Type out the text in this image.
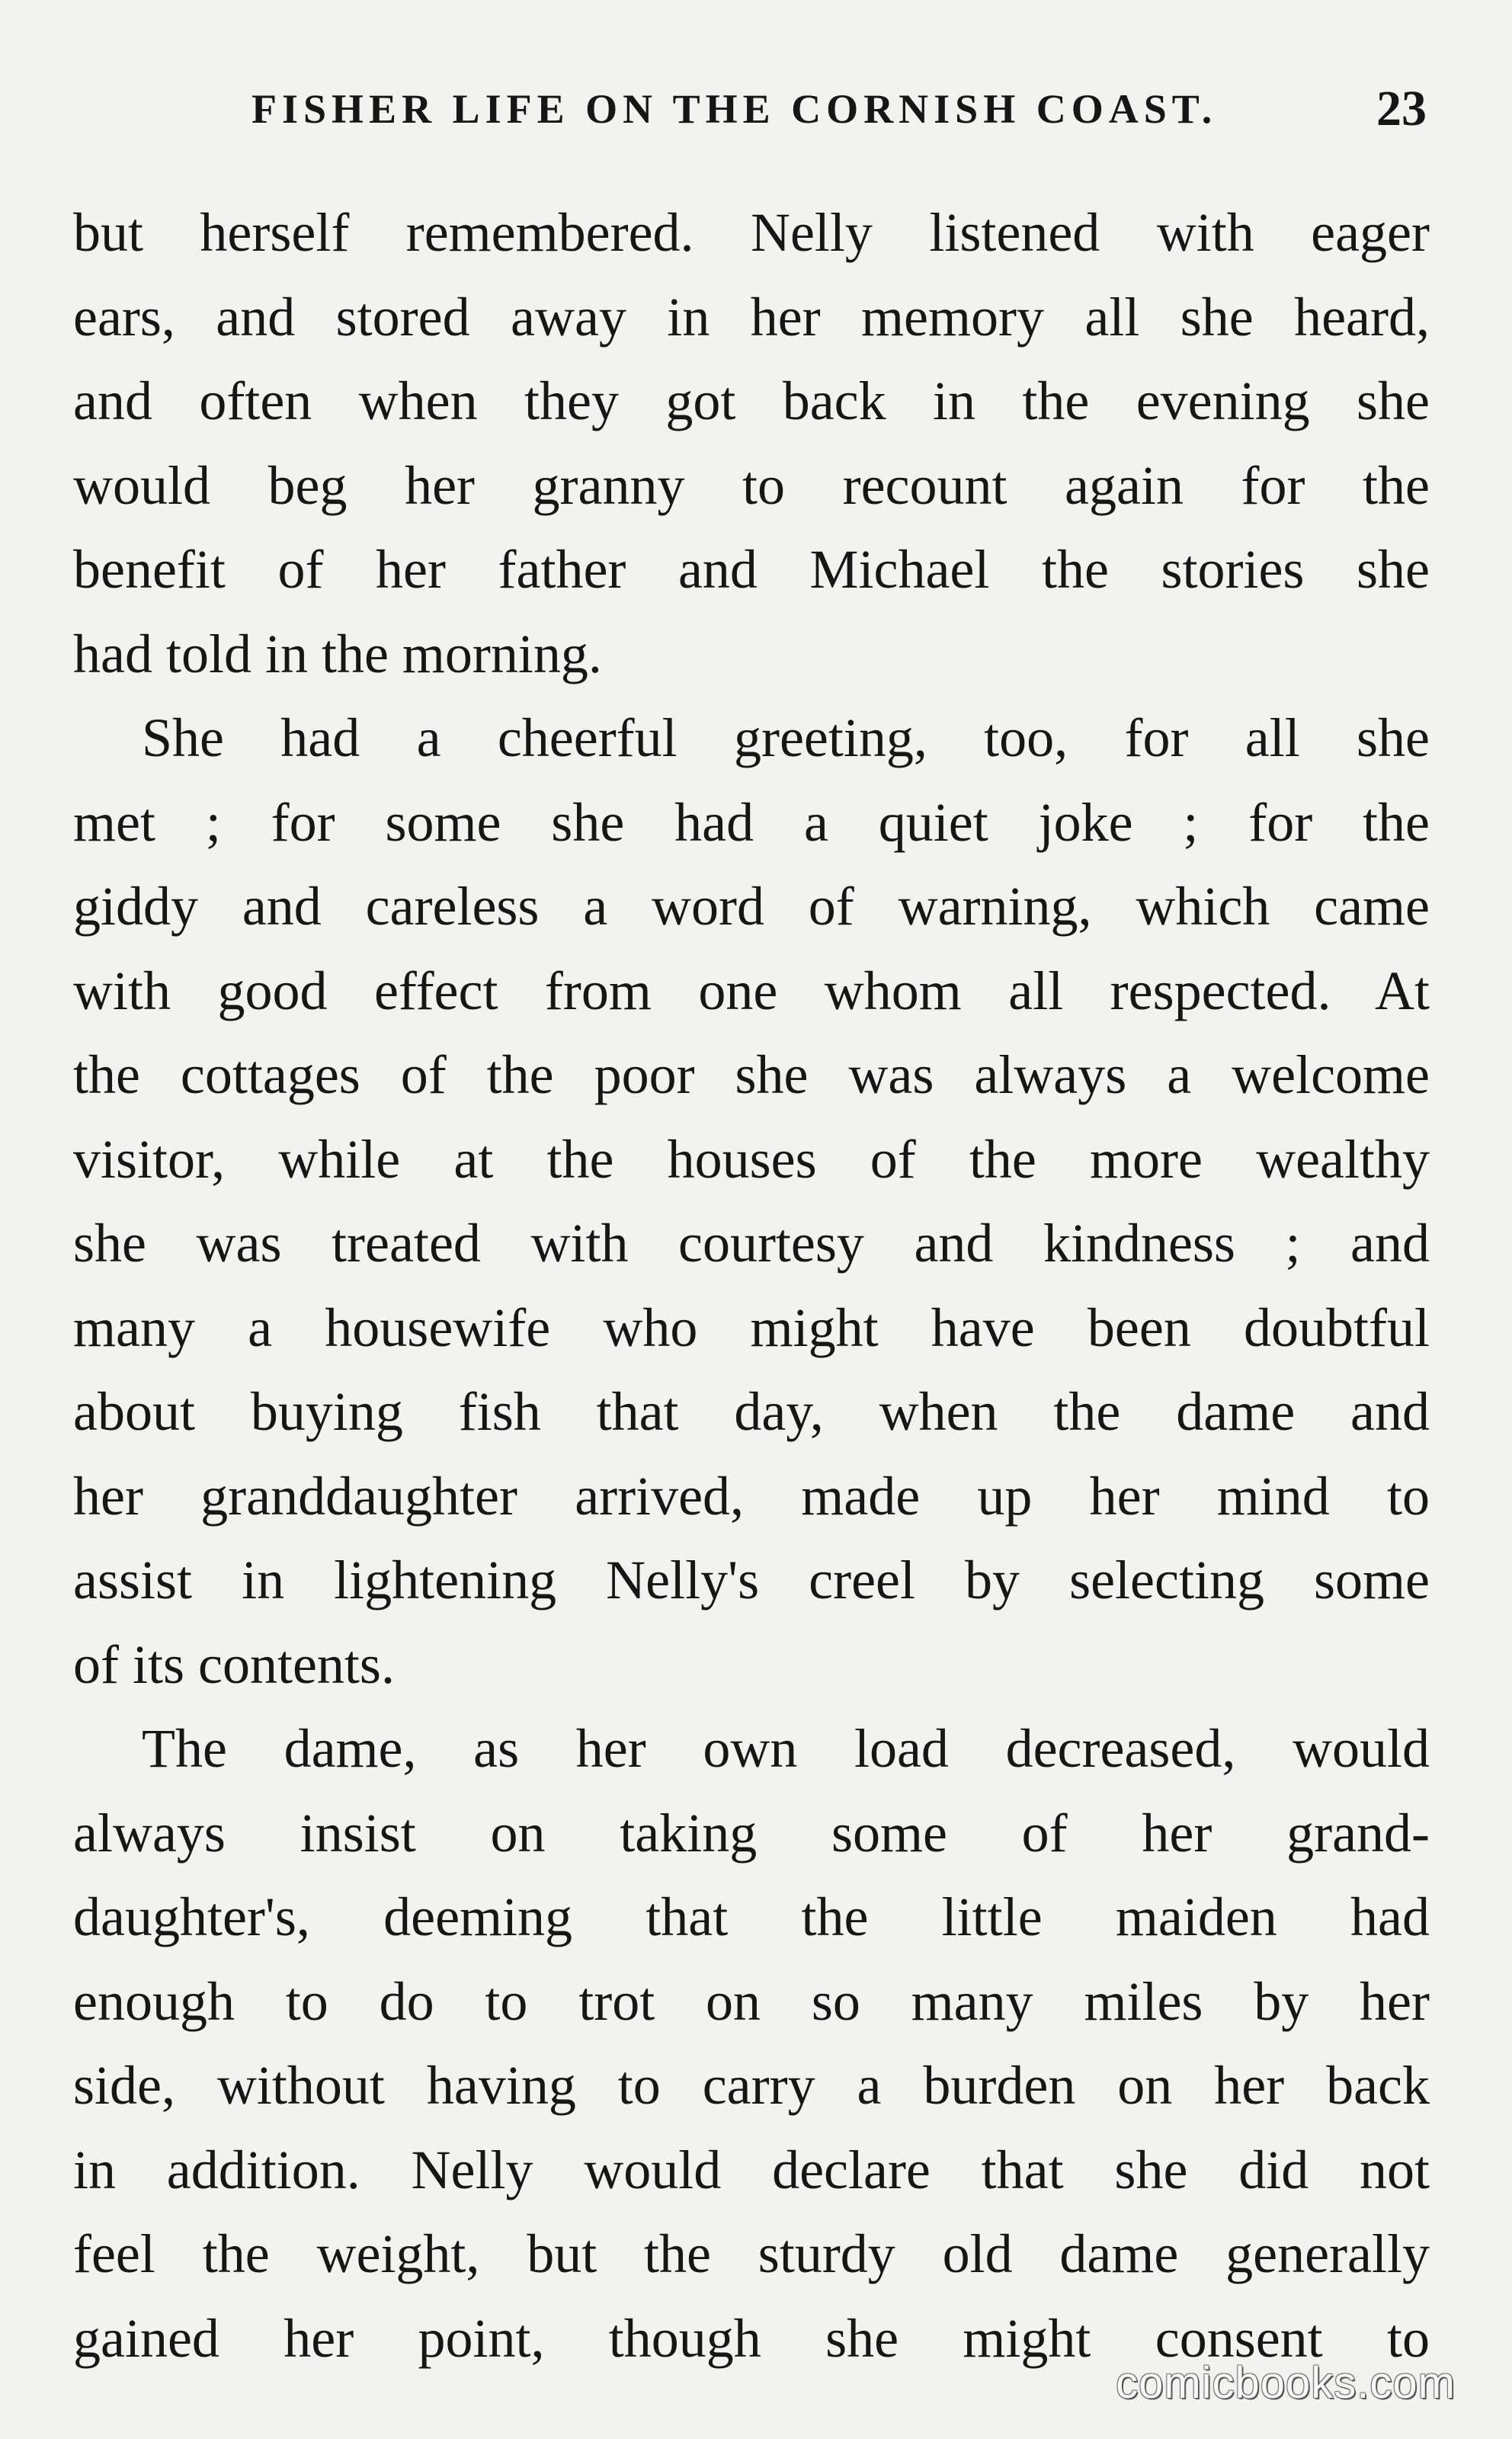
FISHER LIFE ON THE CORNISH COAST.	23
but herself remembered. Nelly listened with eager
ears, and stored away in her memory all she heard,
and often when they got back in the evening she
would beg her granny to recount again for the
benefit of her father and Michael the stories she
had told in the morning.
She had a cheerful greeting, too, for all she
met ; for some she had a quiet joke ; for the
giddy and careless a word of warning, which came
with good effect from one whom all respected. At
the cottages of the poor she was always a welcome
visitor, while at the houses of the more wealthy
she was treated with courtesy and kindness ; and
many a housewife who might have been doubtful
about buying fish that day, when the dame and
her granddaughter arrived, made up her mind to
assist in lightening Nelly's creel by selecting some
of its contents.
The dame, as her own load decreased, would
always insist on taking some of her grand-
daughter's, deeming that the little maiden had
enough to do to trot on so many miles by her
side, without having to carry a burden on her back
in addition. Nelly would declare that she did not
feel the weight, but the sturdy old dame generally
gained her point, though she might consent to
comicbooks.com
